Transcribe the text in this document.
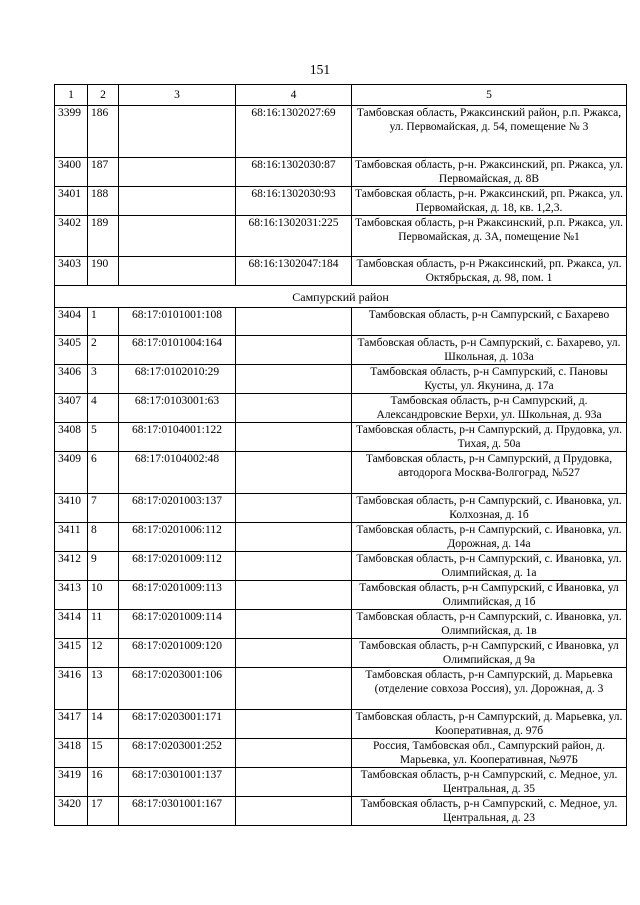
151
1	2	3	4	5
3399	186		68:16:1302027:69	Тамбовская область, Ржаксинский район, р.п. Ржакса, ул. Первомайская, д. 54, помещение № 3
3400	187		68:16:1302030:87	Тамбовская область, р-н. Ржаксинский, рп. Ржакса, ул. Первомайская, д. 8В
3401	188		68:16:1302030:93	Тамбовская область, р-н. Ржаксинский, рп. Ржакса, ул. Первомайская, д. 18, кв. 1,2,3.
3402	189		68:16:1302031:225	Тамбовская область, р-н Ржаксинский, р.п. Ржакса, ул. Первомайская, д. 3А, помещение №1
3403	190		68:16:1302047:184	Тамбовская область, р-н Ржаксинский, рп. Ржакса, ул. Октябрьская, д. 98, пом. 1
Сампурский район				
3404	1	68:17:0101001:108		Тамбовская область, р-н Сампурский, с Бахарево
3405	2	68:17:0101004:164		Тамбовская область, р-н Сампурский, с. Бахарево, ул. Школьная, д. 103а
3406	3	68:17:0102010:29		Тамбовская область, р-н Сампурский, с. Пановы Кусты, ул. Якунина, д. 17а
3407	4	68:17:0103001:63		Тамбовская область, р-н Сампурский, д. Александровские Верхи, ул. Школьная, д. 93а
3408	5	68:17:0104001:122		Тамбовская область, р-н Сампурский, д. Прудовка, ул. Тихая, д. 50а
3409	6	68:17:0104002:48		Тамбовская область, р-н Сампурский, д Прудовка, автодорога Москва-Волгоград, №527
3410	7	68:17:0201003:137		Тамбовская область, р-н Сампурский, с. Ивановка, ул. Колхозная, д. 1б
3411	8	68:17:0201006:112		Тамбовская область, р-н Сампурский, с. Ивановка, ул. Дорожная, д. 14а
3412	9	68:17:0201009:112		Тамбовская область, р-н Сампурский, с. Ивановка, ул. Олимпийская, д. 1а
3413	10	68:17:0201009:113		Тамбовская область, р-н Сампурский, с Ивановка, ул Олимпийская, д 1б
3414	11	68:17:0201009:114		Тамбовская область, р-н Сампурский, с. Ивановка, ул. Олимпийская, д. 1в
3415	12	68:17:0201009:120		Тамбовская область, р-н Сампурский, с Ивановка, ул Олимпийская, д 9а
3416	13	68:17:0203001:106		Тамбовская область, р-н Сампурский, д. Марьевка (отделение совхоза Россия), ул. Дорожная, д. 3
3417	14	68:17:0203001:171		Тамбовская область, р-н Сампурский, д. Марьевка, ул. Кооперативная, д. 97б
3418	15	68:17:0203001:252		Россия, Тамбовская обл., Сампурский район, д. Марьевка, ул. Кооперативная, №97Б
3419	16	68:17:0301001:137		Тамбовская область, р-н Сампурский, с. Медное, ул. Центральная, д. 35
3420	17	68:17:0301001:167		Тамбовская область, р-н Сампурский, с. Медное, ул. Центральная, д. 23
